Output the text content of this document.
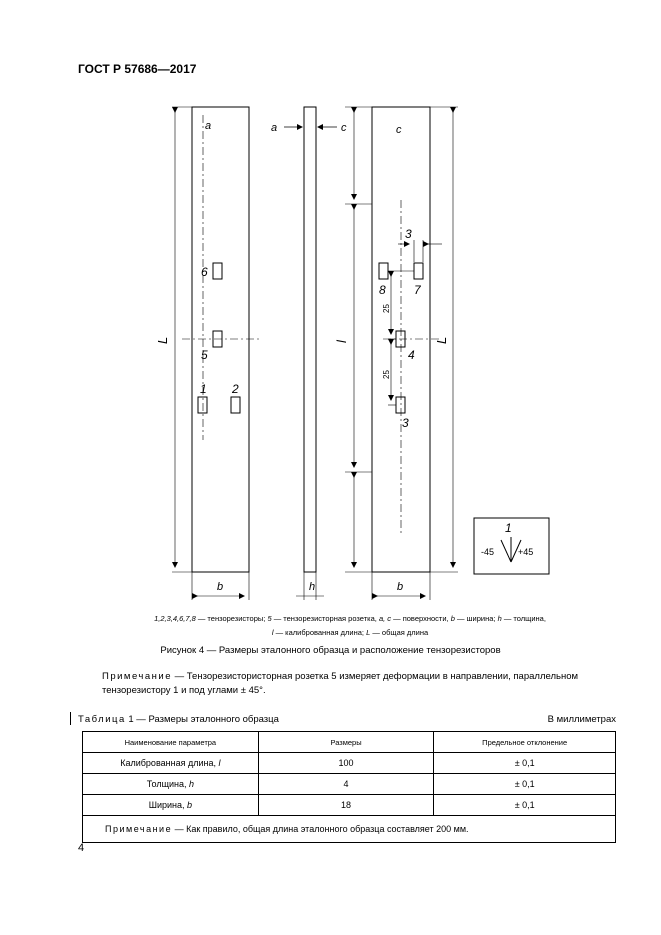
ГОСТ Р 57686—2017
a
L
6
5
1 2
b
a	c
h
c
l	L
b
8 7
4
3
3
25
25
1
-45	+45
1,2,3,4,6,7,8 — тензорезисторы; 5 — тензорезисторная розетка, a, c — поверхности, b — ширина; h — толщина,
l — калиброванная длина; L — общая длина
Рисунок 4 — Размеры эталонного образца и расположение тензорезисторов
Примечание — Тензорезистористoрная розетка 5 измеряет деформации в направлении, параллельном тензорезистору 1 и под углами ± 45°.
Таблица 1 — Размеры эталонного образца	В миллиметрах
Наименование параметра	Размеры	Предельное отклонение
Калиброванная длина, l	100	± 0,1
Толщина, h	4	± 0,1
Ширина, b	18	± 0,1
Примечание — Как правило, общая длина эталонного образца составляет 200 мм.		
4
